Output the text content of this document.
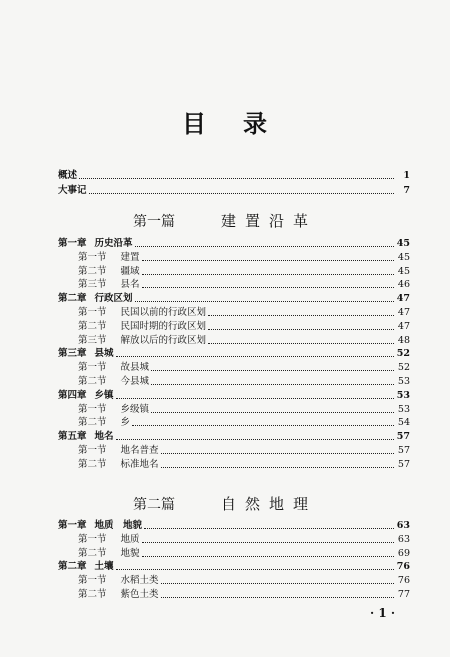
目 录
概述	1
大事记	7
第一篇	建置沿革
第一章 历史沿革	45
第一节 建置	45
第二节 疆域	45
第三节 县名	46
第二章 行政区划	47
第一节 民国以前的行政区划	47
第二节 民国时期的行政区划	47
第三节 解放以后的行政区划	48
第三章 县城	52
第一节 故县城	52
第二节 今县城	53
第四章 乡镇	53
第一节 乡级镇	53
第二节 乡	54
第五章 地名	57
第一节 地名普查	57
第二节 标准地名	57
第二篇	自然地理
第一章 地质　地貌	63
第一节 地质	63
第二节 地貌	69
第二章 土壤	76
第一节 水稻土类	76
第二节 紫色土类	77
· 1 ·
